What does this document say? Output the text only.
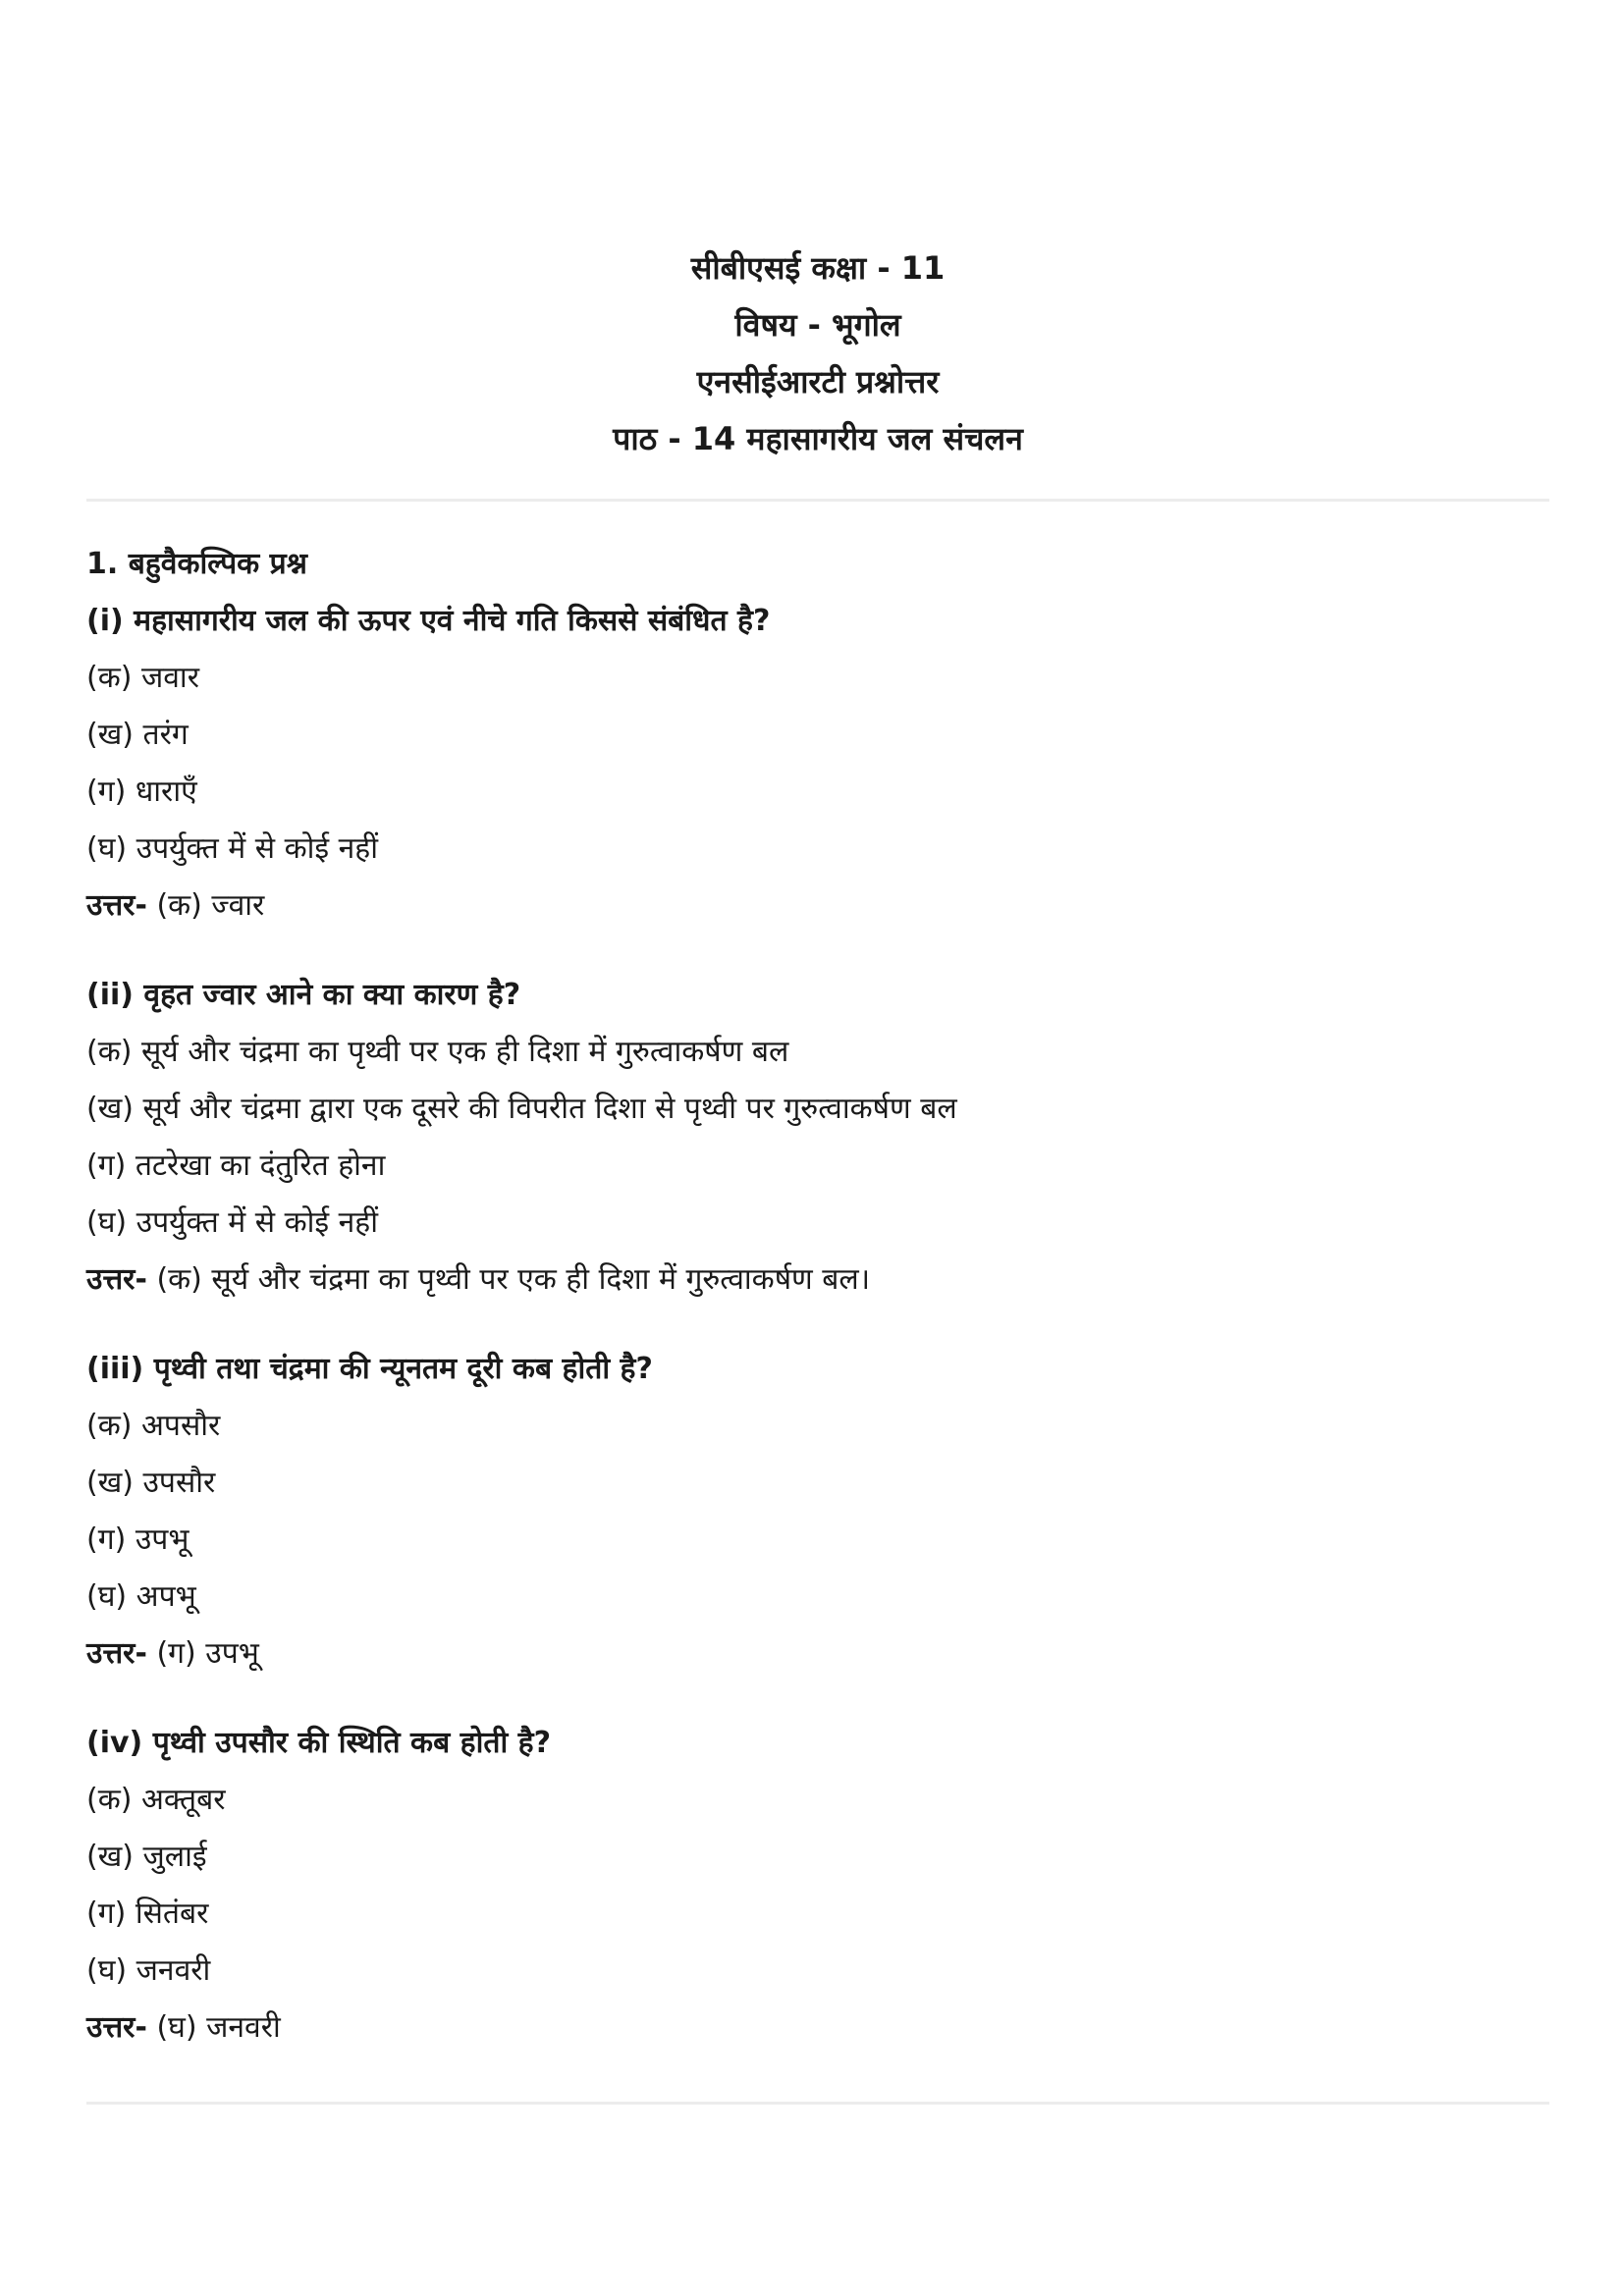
सीबीएसई कक्षा - 11
विषय - भूगोल
एनसीईआरटी प्रश्नोत्तर
पाठ - 14 महासागरीय जल संचलन
1. बहुवैकल्पिक प्रश्न
(i) महासागरीय जल की ऊपर एवं नीचे गति किससे संबंधित है?
(क) जवार
(ख) तरंग
(ग) धाराएँ
(घ) उपर्युक्त में से कोई नहीं
उत्तर- (क) ज्वार
(ii) वृहत ज्वार आने का क्या कारण है?
(क) सूर्य और चंद्रमा का पृथ्वी पर एक ही दिशा में गुरुत्वाकर्षण बल
(ख) सूर्य और चंद्रमा द्वारा एक दूसरे की विपरीत दिशा से पृथ्वी पर गुरुत्वाकर्षण बल
(ग) तटरेखा का दंतुरित होना
(घ) उपर्युक्त में से कोई नहीं
उत्तर- (क) सूर्य और चंद्रमा का पृथ्वी पर एक ही दिशा में गुरुत्वाकर्षण बल।
(iii) पृथ्वी तथा चंद्रमा की न्यूनतम दूरी कब होती है?
(क) अपसौर
(ख) उपसौर
(ग) उपभू
(घ) अपभू
उत्तर- (ग) उपभू
(iv) पृथ्वी उपसौर की स्थिति कब होती है?
(क) अक्तूबर
(ख) जुलाई
(ग) सितंबर
(घ) जनवरी
उत्तर- (घ) जनवरी
